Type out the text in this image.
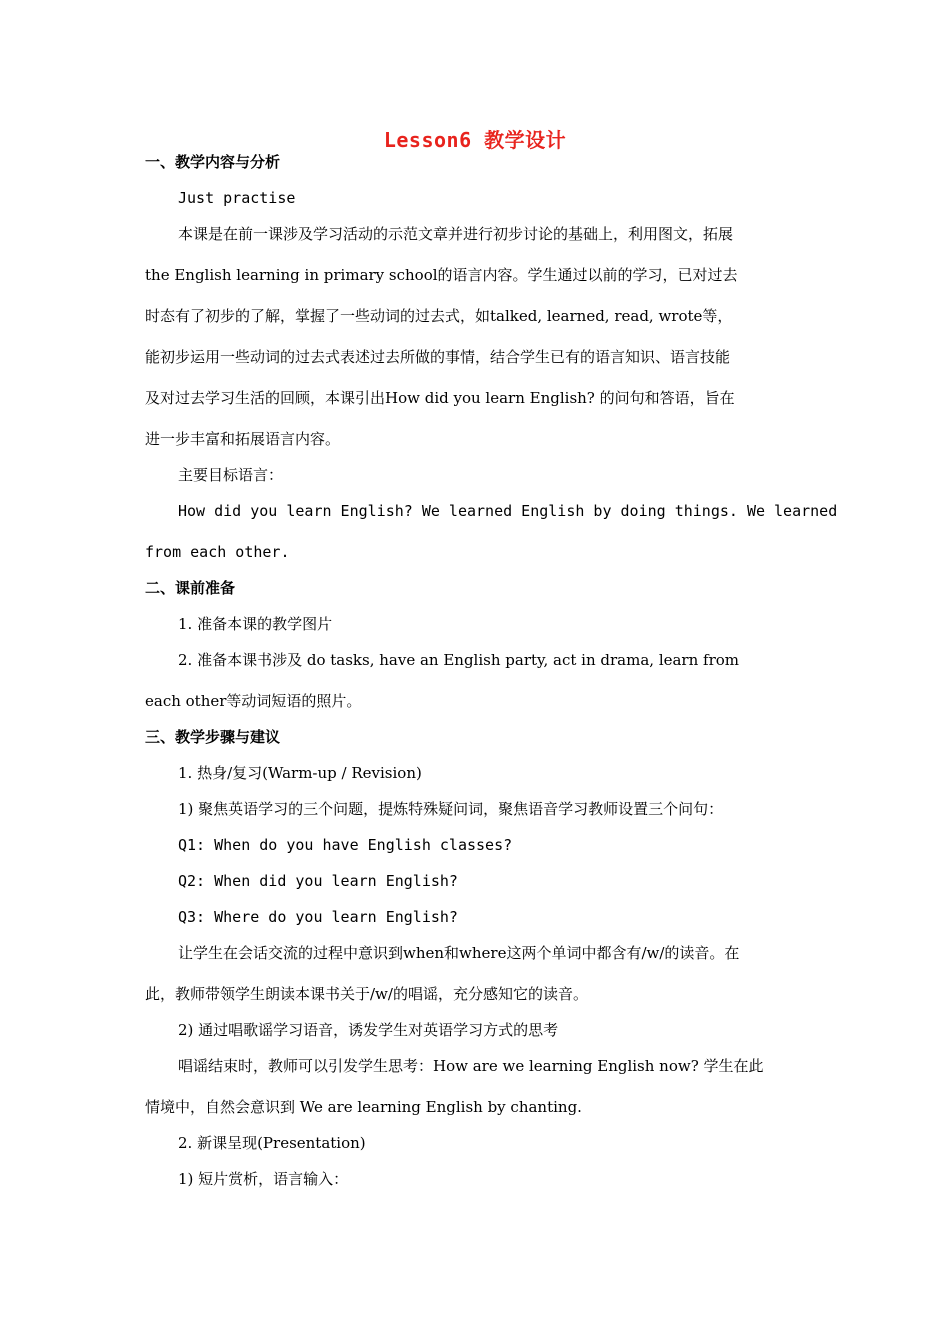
Lesson6 教学设计
一、教学内容与分析
Just practise
本课是在前一课涉及学习活动的示范文章并进行初步讨论的基础上，利用图文，拓展
the English learning in primary school的语言内容。学生通过以前的学习，已对过去
时态有了初步的了解，掌握了一些动词的过去式，如talked, learned, read, wrote等，
能初步运用一些动词的过去式表述过去所做的事情，结合学生已有的语言知识、语言技能
及对过去学习生活的回顾，本课引出How did you learn English? 的问句和答语，旨在
进一步丰富和拓展语言内容。
主要目标语言：
How did you learn English? We learned English by doing things. We learned
from each other.
二、课前准备
1. 准备本课的教学图片
2. 准备本课书涉及 do tasks, have an English party, act in drama, learn from
each other等动词短语的照片。
三、教学步骤与建议
1. 热身/复习(Warm-up / Revision)
1) 聚焦英语学习的三个问题，提炼特殊疑问词，聚焦语音学习教师设置三个问句：
Q1: When do you have English classes?
Q2: When did you learn English?
Q3: Where do you learn English?
让学生在会话交流的过程中意识到when和where这两个单词中都含有/w/的读音。在
此，教师带领学生朗读本课书关于/w/的唱谣，充分感知它的读音。
2) 通过唱歌谣学习语音，诱发学生对英语学习方式的思考
唱谣结束时，教师可以引发学生思考：How are we learning English now? 学生在此
情境中，自然会意识到 We are learning English by chanting.
2. 新课呈现(Presentation)
1) 短片赏析，语言输入：
